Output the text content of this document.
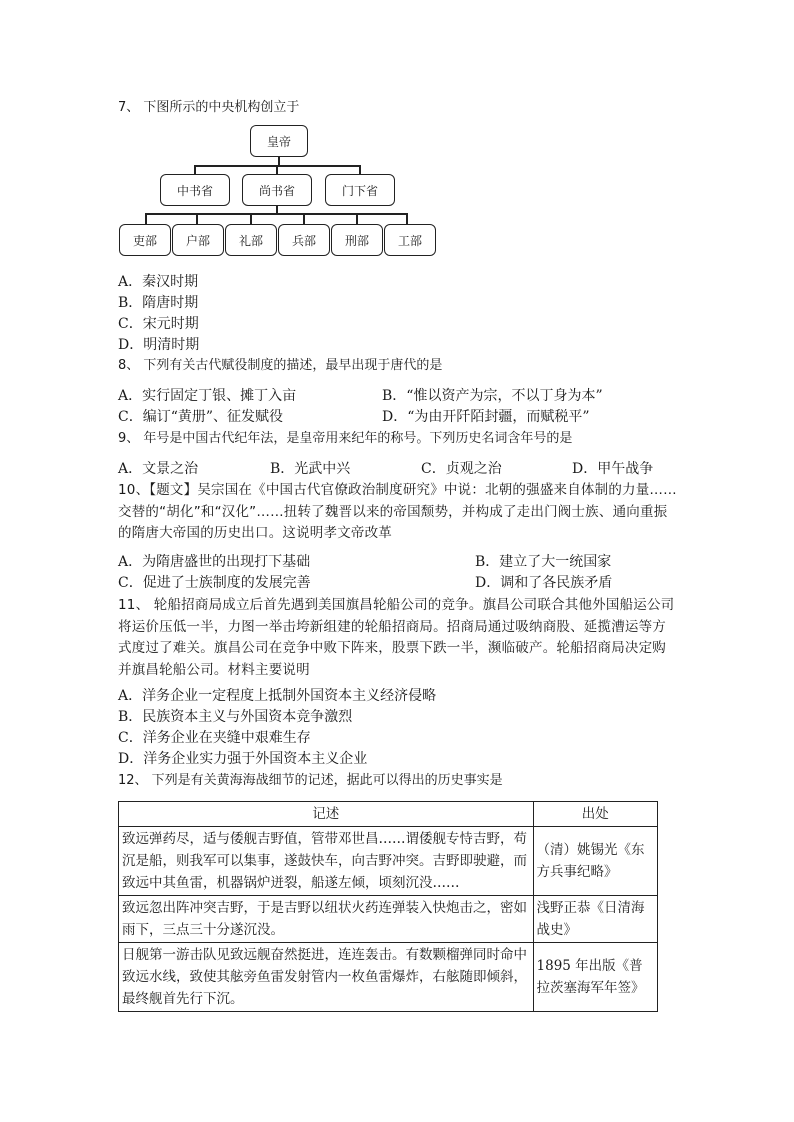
7、 下图所示的中央机构创立于
皇帝
中书省	尚书省	门下省
吏部	户部	礼部	兵部	刑部	工部
A．秦汉时期
B．隋唐时期
C．宋元时期
D．明清时期
8、 下列有关古代赋役制度的描述，最早出现于唐代的是
A．实行固定丁银、摊丁入亩	B．“惟以资产为宗，不以丁身为本”
C．编订“黄册”、征发赋役	D．“为由开阡陌封疆，而赋税平”
9、 年号是中国古代纪年法，是皇帝用来纪年的称号。下列历史名词含年号的是
A．文景之治	B．光武中兴	C．贞观之治	D．甲午战争
10、【题文】吴宗国在《中国古代官僚政治制度研究》中说：北朝的强盛来自体制的力量……交替的“胡化”和“汉化”……扭转了魏晋以来的帝国颓势，并构成了走出门阀士族、通向重振的隋唐大帝国的历史出口。这说明孝文帝改革
A．为隋唐盛世的出现打下基础	B．建立了大一统国家
C．促进了士族制度的发展完善	D．调和了各民族矛盾
11、 轮船招商局成立后首先遇到美国旗昌轮船公司的竞争。旗昌公司联合其他外国船运公司将运价压低一半，力图一举击垮新组建的轮船招商局。招商局通过吸纳商股、延揽漕运等方式度过了难关。旗昌公司在竞争中败下阵来，股票下跌一半，濒临破产。轮船招商局决定购并旗昌轮船公司。材料主要说明
A．洋务企业一定程度上抵制外国资本主义经济侵略
B．民族资本主义与外国资本竞争激烈
C．洋务企业在夹缝中艰难生存
D．洋务企业实力强于外国资本主义企业
12、 下列是有关黄海海战细节的记述，据此可以得出的历史事实是
记述	出处
致远弹药尽，适与倭舰吉野值，管带邓世昌……谓倭舰专恃吉野，苟沉是船，则我军可以集事，遂鼓快车，向吉野冲突。吉野即驶避，而致远中其鱼雷，机器锅炉迸裂，船遂左倾，顷刻沉没……	（清）姚锡光《东方兵事纪略》
致远忽出阵冲突吉野，于是吉野以纽状火药连弹装入快炮击之，密如雨下，三点三十分遂沉没。	浅野正恭《日清海战史》
日舰第一游击队见致远舰奋然挺进，连连轰击。有数颗榴弹同时命中致远水线，致使其舷旁鱼雷发射管内一枚鱼雷爆炸，右舷随即倾斜，最终舰首先行下沉。	1895 年出版《普拉茨塞海军年签》
